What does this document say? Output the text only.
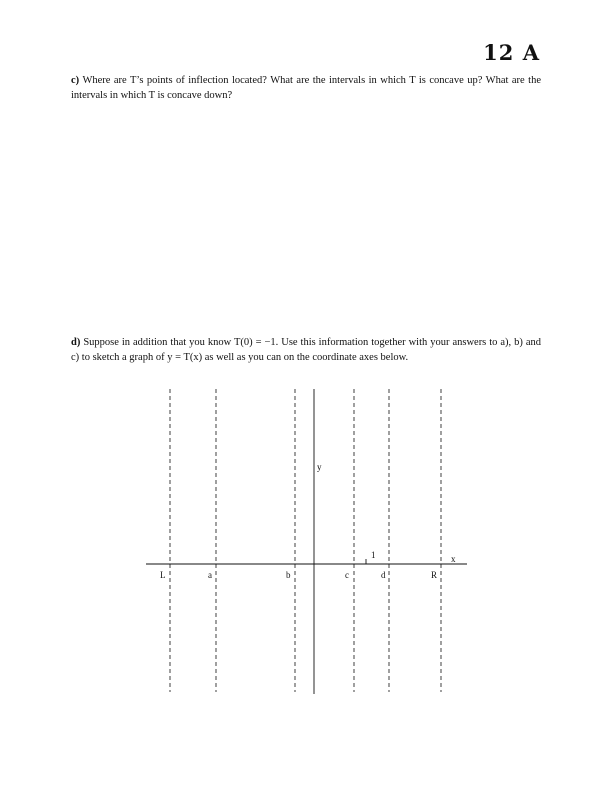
12 A
c) Where are T’s points of inflection located? What are the intervals in which T is concave up? What are the intervals in which T is concave down?
d) Suppose in addition that you know T(0) = −1. Use this information together with your answers to a), b) and c) to sketch a graph of y = T(x) as well as you can on the coordinate axes below.
1
y
x
L	a	b	c	d	R
